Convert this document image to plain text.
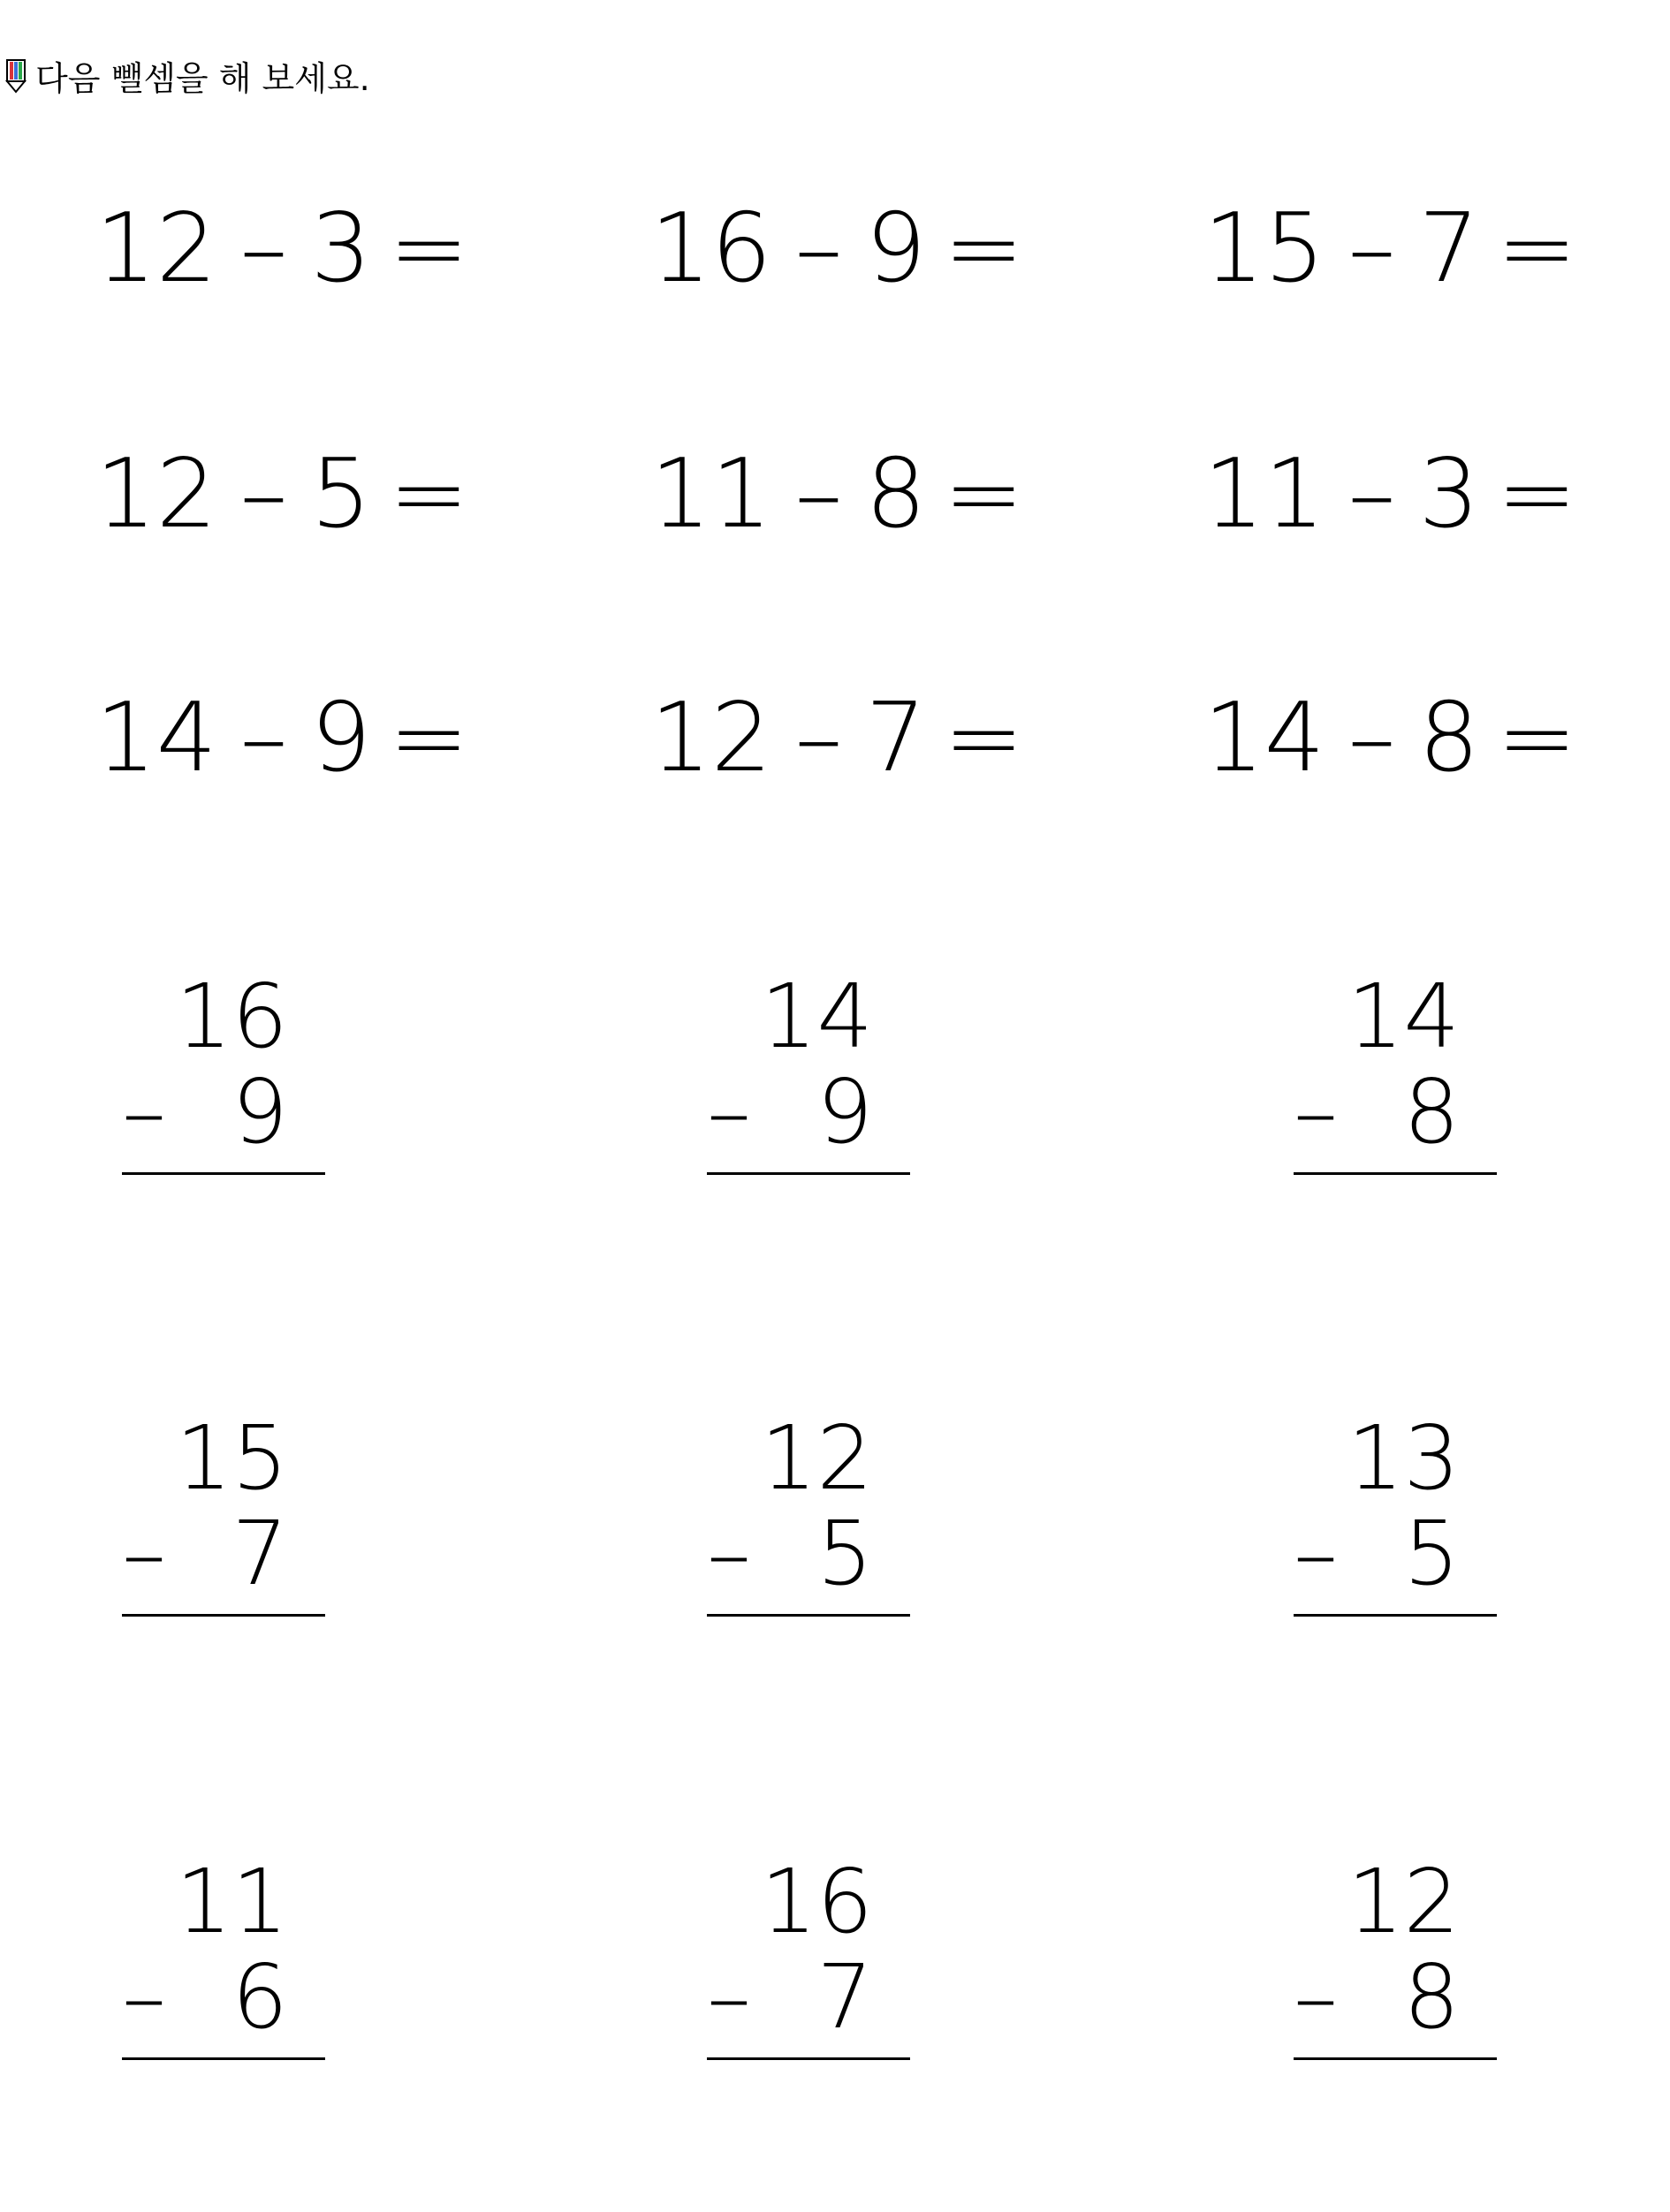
다음 뺄셈을 해 보세요.
12 – 3 =	16 – 9 =	15 – 7 =
12 – 5 =	11 – 8 =	11 – 3 =
14 – 9 =	12 – 7 =	14 – 8 =
16
– 9
14
– 9
14
– 8
15
– 7
12
– 5
13
– 5
11
– 6
16
– 7
12
– 8
